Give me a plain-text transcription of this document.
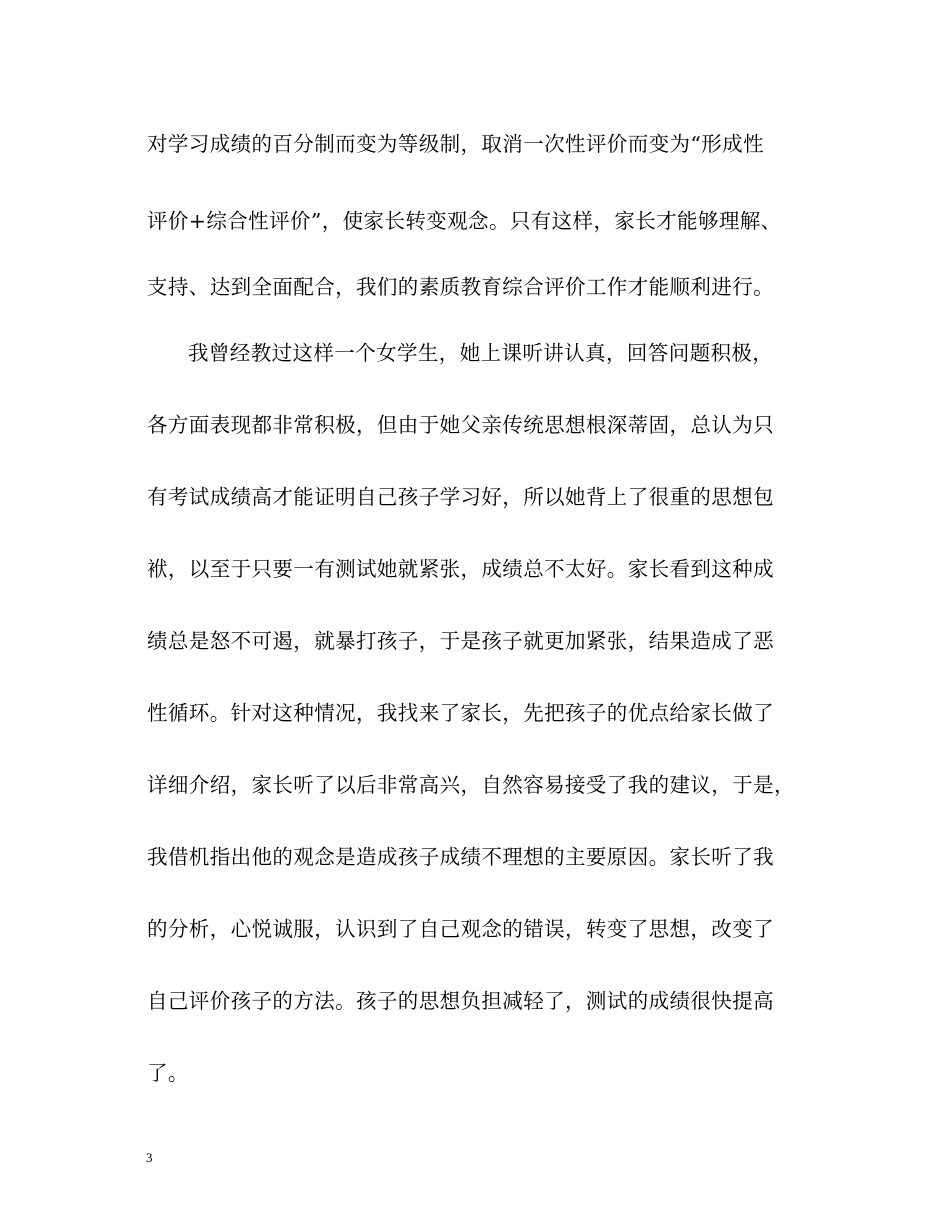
对学习成绩的百分制而变为等级制，取消一次性评价而变为“形成性
评价+综合性评价”，使家长转变观念。只有这样，家长才能够理解、
支持、达到全面配合，我们的素质教育综合评价工作才能顺利进行。
我曾经教过这样一个女学生，她上课听讲认真，回答问题积极，
各方面表现都非常积极，但由于她父亲传统思想根深蒂固，总认为只
有考试成绩高才能证明自己孩子学习好，所以她背上了很重的思想包
袱，以至于只要一有测试她就紧张，成绩总不太好。家长看到这种成
绩总是怒不可遏，就暴打孩子，于是孩子就更加紧张，结果造成了恶
性循环。针对这种情况，我找来了家长，先把孩子的优点给家长做了
详细介绍，家长听了以后非常高兴，自然容易接受了我的建议，于是，
我借机指出他的观念是造成孩子成绩不理想的主要原因。家长听了我
的分析，心悦诚服，认识到了自己观念的错误，转变了思想，改变了
自己评价孩子的方法。孩子的思想负担减轻了，测试的成绩很快提高
了。
3
